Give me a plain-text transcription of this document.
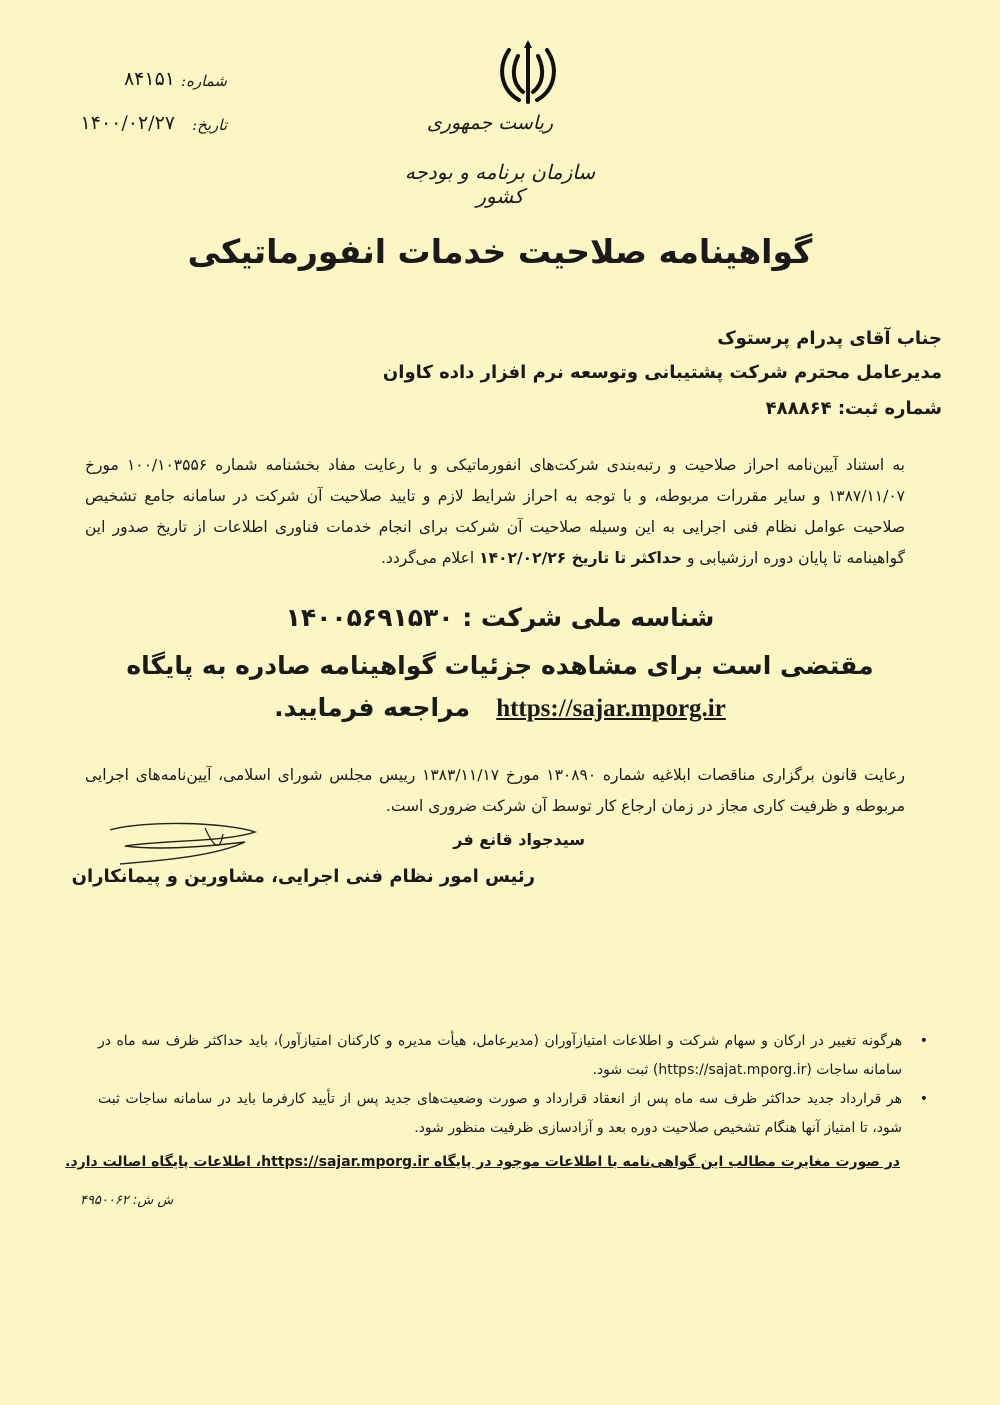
ریاست جمهوری
سازمان برنامه و بودجه کشور
شماره:
۸۴۱۵۱
تاریخ:
۱۴۰۰/۰۲/۲۷
گواهینامه صلاحیت خدمات انفورماتیکی
جناب آقای پدرام پرستوک
مدیرعامل محترم شرکت پشتیبانی وتوسعه نرم افزار داده کاوان
شماره ثبت: ۴۸۸۸۶۴
به استناد آیین‌نامه احراز صلاحیت و رتبه‌بندی شرکت‌های انفورماتیکی و با رعایت مفاد بخشنامه شماره ۱۰۰/۱۰۳۵۵۶ مورخ ۱۳۸۷/۱۱/۰۷ و سایر مقررات مربوطه، و با توجه به احراز شرایط لازم و تایید صلاحیت آن شرکت در سامانه جامع تشخیص صلاحیت عوامل نظام فنی اجرایی به این وسیله صلاحیت آن شرکت برای انجام خدمات فناوری اطلاعات از تاریخ صدور این گواهینامه تا پایان دوره ارزشیابی و حداکثر تا تاریخ ۱۴۰۲/۰۲/۲۶ اعلام می‌گردد.
شناسه ملی شرکت : ۱۴۰۰۵۶۹۱۵۳۰
مقتضی است برای مشاهده جزئیات گواهینامه صادره به پایگاه
https://sajar.mporg.ir   مراجعه فرمایید.
رعایت قانون برگزاری مناقصات ابلاغیه شماره ۱۳۰۸۹۰ مورخ ۱۳۸۳/۱۱/۱۷ رییس مجلس شورای اسلامی، آیین‌نامه‌های اجرایی مربوطه و ظرفیت کاری مجاز در زمان ارجاع کار توسط آن شرکت ضروری است.
سیدجواد قانع فر
رئیس امور نظام فنی اجرایی، مشاورین و پیمانکاران
•
هرگونه تغییر در ارکان و سهام شرکت و اطلاعات امتیازآوران (مدیرعامل، هیأت مدیره و کارکنان امتیازآور)، باید حداکثر ظرف سه ماه در سامانه ساجات (https://sajat.mporg.ir) ثبت شود.
•
هر قرارداد جدید حداکثر ظرف سه ماه پس از انعقاد قرارداد و صورت وضعیت‌های جدید پس از تأیید کارفرما باید در سامانه ساجات ثبت شود، تا امتیاز آنها هنگام تشخیص صلاحیت دوره بعد و آزادسازی ظرفیت منظور شود.
در صورت مغایرت مطالب این گواهی‌نامه با اطلاعات موجود در پایگاه https://sajar.mporg.ir، اطلاعات پایگاه اصالت دارد.
ش ش: ۴۹۵۰۰۶۲
